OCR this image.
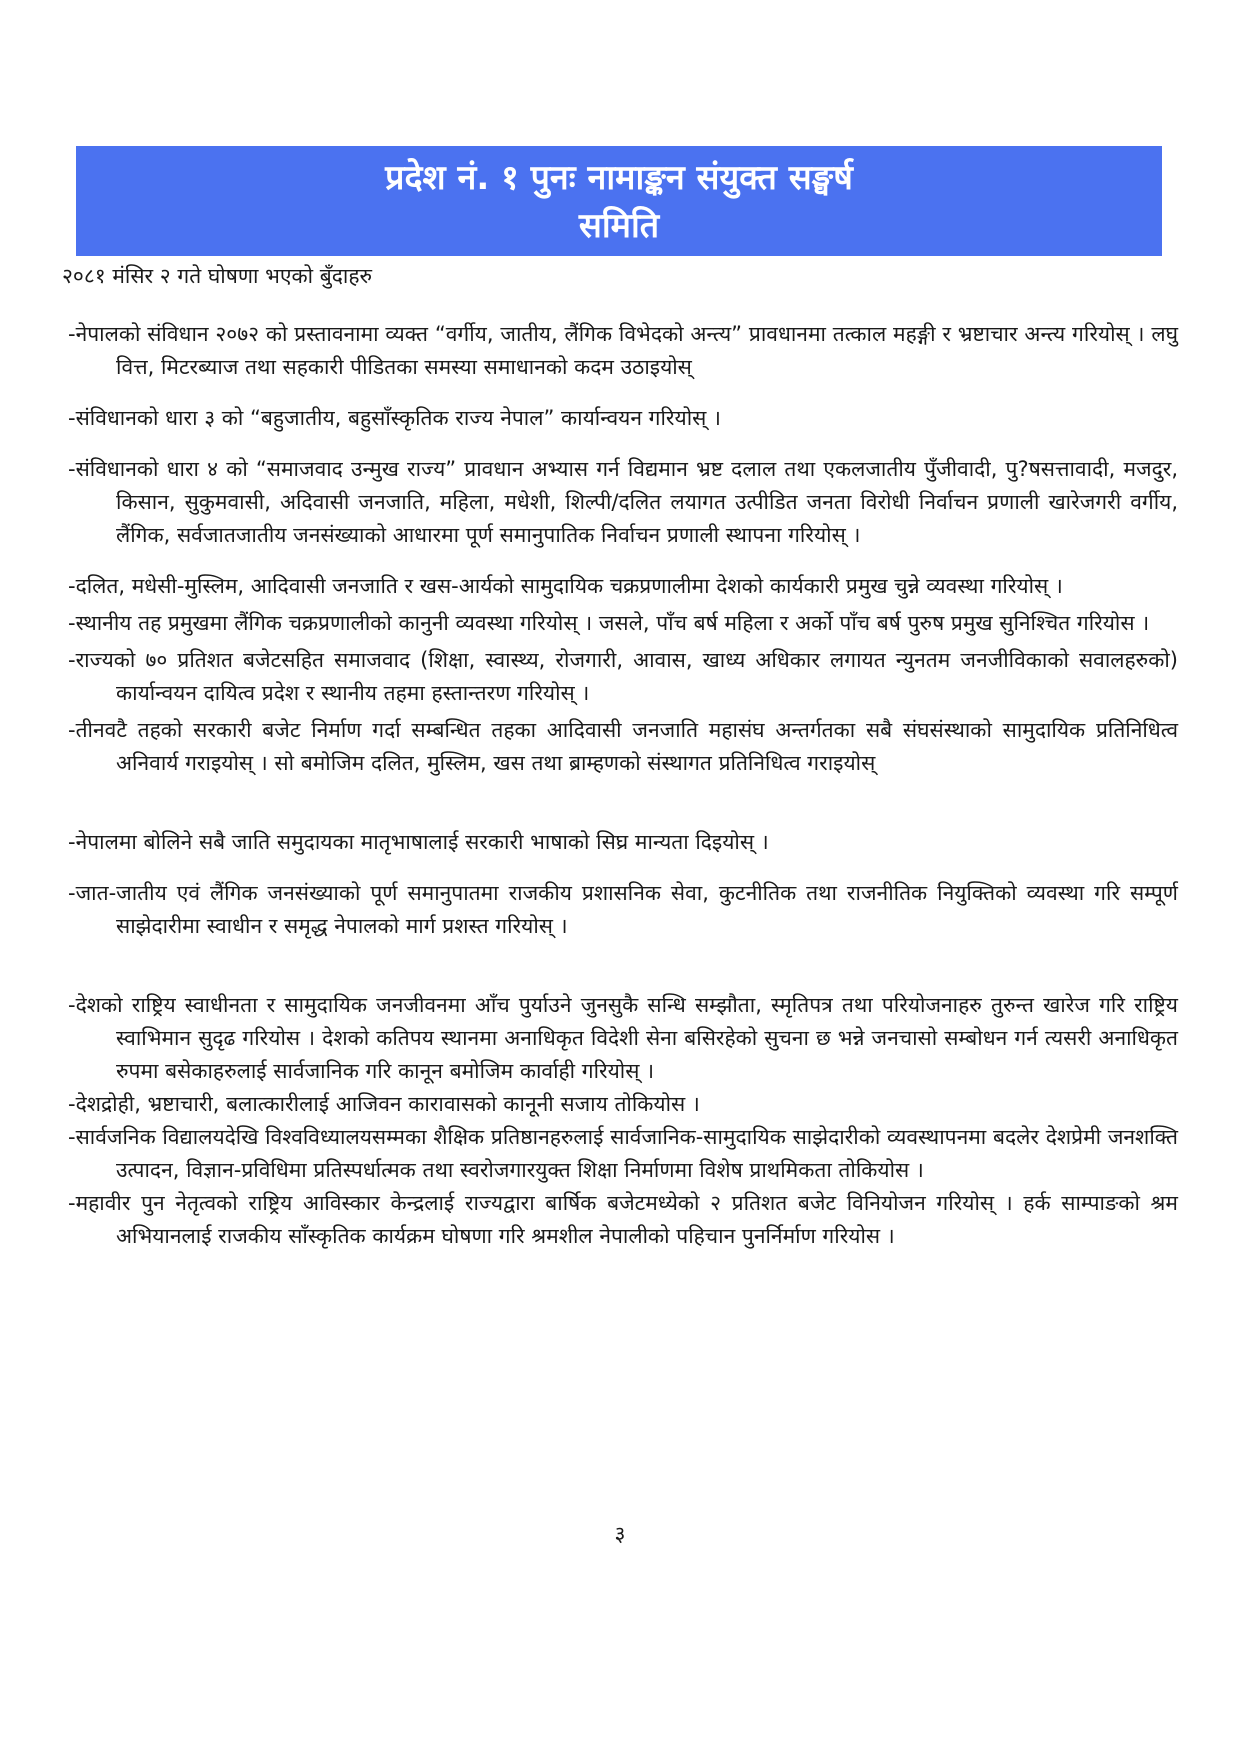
प्रदेश नं. १ पुनः नामाङ्कन संयुक्त सङ्घर्ष
समिति
२०८१ मंसिर २ गते घोषणा भएको बुँदाहरु

-नेपालको संविधान २०७२ को प्रस्तावनामा व्यक्त “वर्गीय, जातीय, लैंगिक विभेदको अन्त्य” प्रावधानमा तत्काल महङ्गी र भ्रष्टाचार अन्त्य गरियोस् । लघु वित्त, मिटरब्याज तथा सहकारी पीडितका समस्या समाधानको कदम उठाइयोस्

-संविधानको धारा ३ को “बहुजातीय, बहुसाँस्कृतिक राज्य नेपाल” कार्यान्वयन गरियोस् ।

-संविधानको धारा ४ को “समाजवाद उन्मुख राज्य” प्रावधान अभ्यास गर्न विद्यमान भ्रष्ट दलाल तथा एकलजातीय पुँजीवादी, पु?षसत्तावादी, मजदुर, किसान, सुकुमवासी, अदिवासी जनजाति, महिला, मधेशी, शिल्पी/दलित लयागत उत्पीडित जनता विरोधी निर्वाचन प्रणाली खारेजगरी वर्गीय, लैंगिक, सर्वजातजातीय जनसंख्याको आधारमा पूर्ण समानुपातिक निर्वाचन प्रणाली स्थापना गरियोस् ।

-दलित, मधेसी-मुस्लिम, आदिवासी जनजाति र खस-आर्यको सामुदायिक चक्रप्रणालीमा देशको कार्यकारी प्रमुख चुन्ने व्यवस्था गरियोस् ।

-स्थानीय तह प्रमुखमा लैंगिक चक्रप्रणालीको कानुनी व्यवस्था गरियोस् । जसले, पाँच बर्ष महिला र अर्को पाँच बर्ष पुरुष प्रमुख सुनिश्चित गरियोस ।

-राज्यको ७० प्रतिशत बजेटसहित समाजवाद (शिक्षा, स्वास्थ्य, रोजगारी, आवास, खाध्य अधिकार लगायत न्युनतम जनजीविकाको सवालहरुको) कार्यान्वयन दायित्व प्रदेश र स्थानीय तहमा हस्तान्तरण गरियोस् ।

-तीनवटै तहको सरकारी बजेट निर्माण गर्दा सम्बन्धित तहका आदिवासी जनजाति महासंघ अन्तर्गतका सबै संघसंस्थाको सामुदायिक प्रतिनिधित्व अनिवार्य गराइयोस् । सो बमोजिम दलित, मुस्लिम, खस तथा ब्राम्हणको संस्थागत प्रतिनिधित्व गराइयोस्

-नेपालमा बोलिने सबै जाति समुदायका मातृभाषालाई सरकारी भाषाको सिघ्र मान्यता दिइयोस् ।

-जात-जातीय एवं लैंगिक जनसंख्याको पूर्ण समानुपातमा राजकीय प्रशासनिक सेवा, कुटनीतिक तथा राजनीतिक नियुक्तिको व्यवस्था गरि सम्पूर्ण साझेदारीमा स्वाधीन र समृद्ध नेपालको मार्ग प्रशस्त गरियोस् ।

-देशको राष्ट्रिय स्वाधीनता र सामुदायिक जनजीवनमा आँच पुर्याउने जुनसुकै सन्धि सम्झौता, स्मृतिपत्र तथा परियोजनाहरु तुरुन्त खारेज गरि राष्ट्रिय स्वाभिमान सुदृढ गरियोस । देशको कतिपय स्थानमा अनाधिकृत विदेशी सेना बसिरहेको सुचना छ भन्ने जनचासो सम्बोधन गर्न त्यसरी अनाधिकृत रुपमा बसेकाहरुलाई सार्वजानिक गरि कानून बमोजिम कार्वाही गरियोस् ।

-देशद्रोही, भ्रष्टाचारी, बलात्कारीलाई आजिवन कारावासको कानूनी सजाय तोकियोस ।

-सार्वजनिक विद्यालयदेखि विश्वविध्यालयसम्मका शैक्षिक प्रतिष्ठानहरुलाई सार्वजानिक-सामुदायिक साझेदारीको व्यवस्थापनमा बदलेर देशप्रेमी जनशक्ति उत्पादन, विज्ञान-प्रविधिमा प्रतिस्पर्धात्मक तथा स्वरोजगारयुक्त शिक्षा निर्माणमा विशेष प्राथमिकता तोकियोस ।

-महावीर पुन नेतृत्वको राष्ट्रिय आविस्कार केन्द्रलाई राज्यद्वारा बार्षिक बजेटमध्येको २ प्रतिशत बजेट विनियोजन गरियोस् । हर्क साम्पाङको श्रम अभियानलाई राजकीय साँस्कृतिक कार्यक्रम घोषणा गरि श्रमशील नेपालीको पहिचान पुनर्निर्माण गरियोस ।

३
